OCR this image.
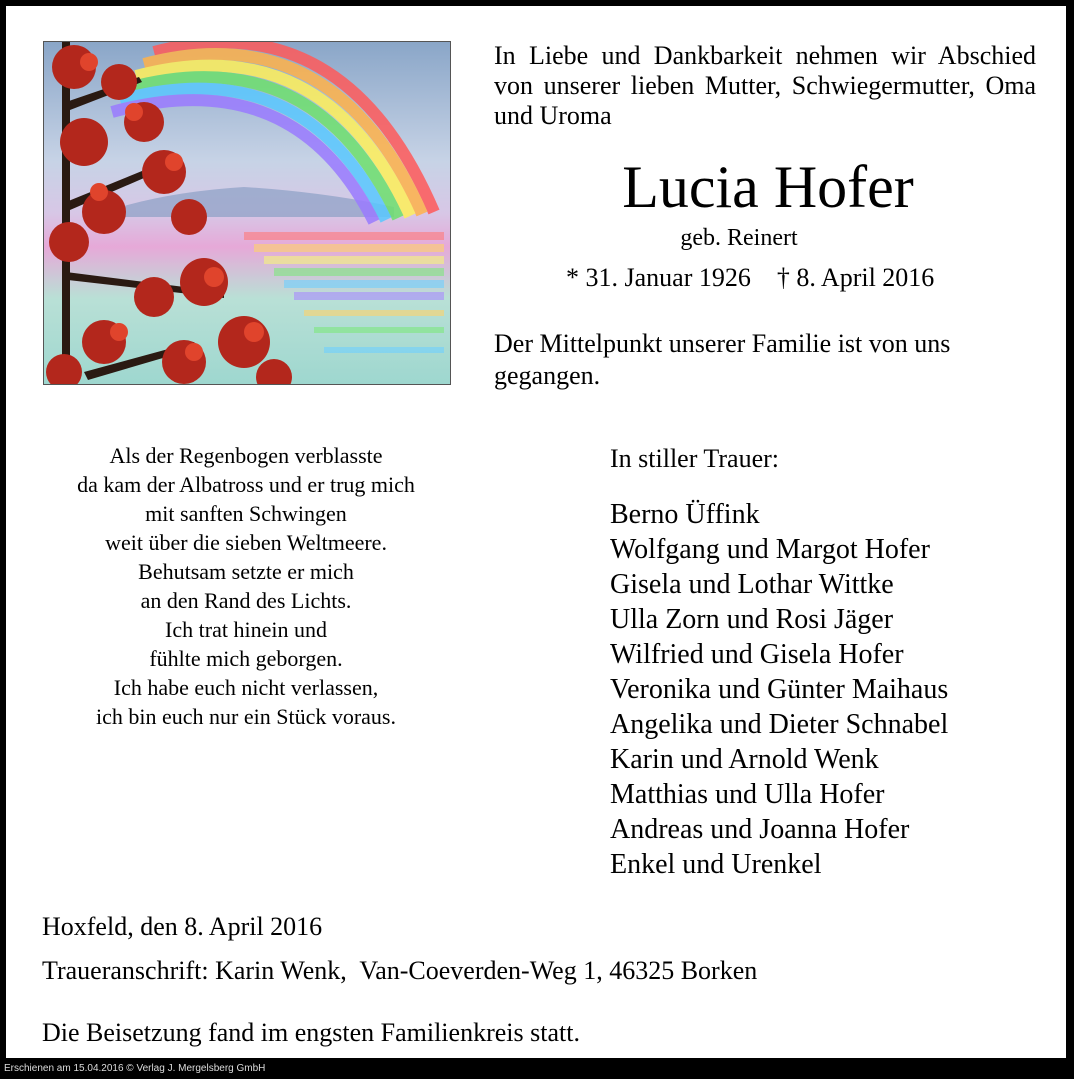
In Liebe und Dankbarkeit nehmen wir Abschied von unserer lieben Mutter, Schwiegermutter, Oma und Uroma
Lucia Hofer
geb. Reinert
* 31. Januar 1926 † 8. April 2016
Der Mittelpunkt unserer Familie ist von uns gegangen.
Als der Regenbogen verblasste
da kam der Albatross und er trug mich
mit sanften Schwingen
weit über die sieben Weltmeere.
Behutsam setzte er mich
an den Rand des Lichts.
Ich trat hinein und
fühlte mich geborgen.
Ich habe euch nicht verlassen,
ich bin euch nur ein Stück voraus.
In stiller Trauer:
Berno Üffink
Wolfgang und Margot Hofer
Gisela und Lothar Wittke
Ulla Zorn und Rosi Jäger
Wilfried und Gisela Hofer
Veronika und Günter Maihaus
Angelika und Dieter Schnabel
Karin und Arnold Wenk
Matthias und Ulla Hofer
Andreas und Joanna Hofer
Enkel und Urenkel
Hoxfeld, den 8. April 2016
Traueranschrift: Karin Wenk,  Van-Coeverden-Weg 1, 46325 Borken
Die Beisetzung fand im engsten Familienkreis statt.
Erschienen am 15.04.2016 © Verlag J. Mergelsberg GmbH
